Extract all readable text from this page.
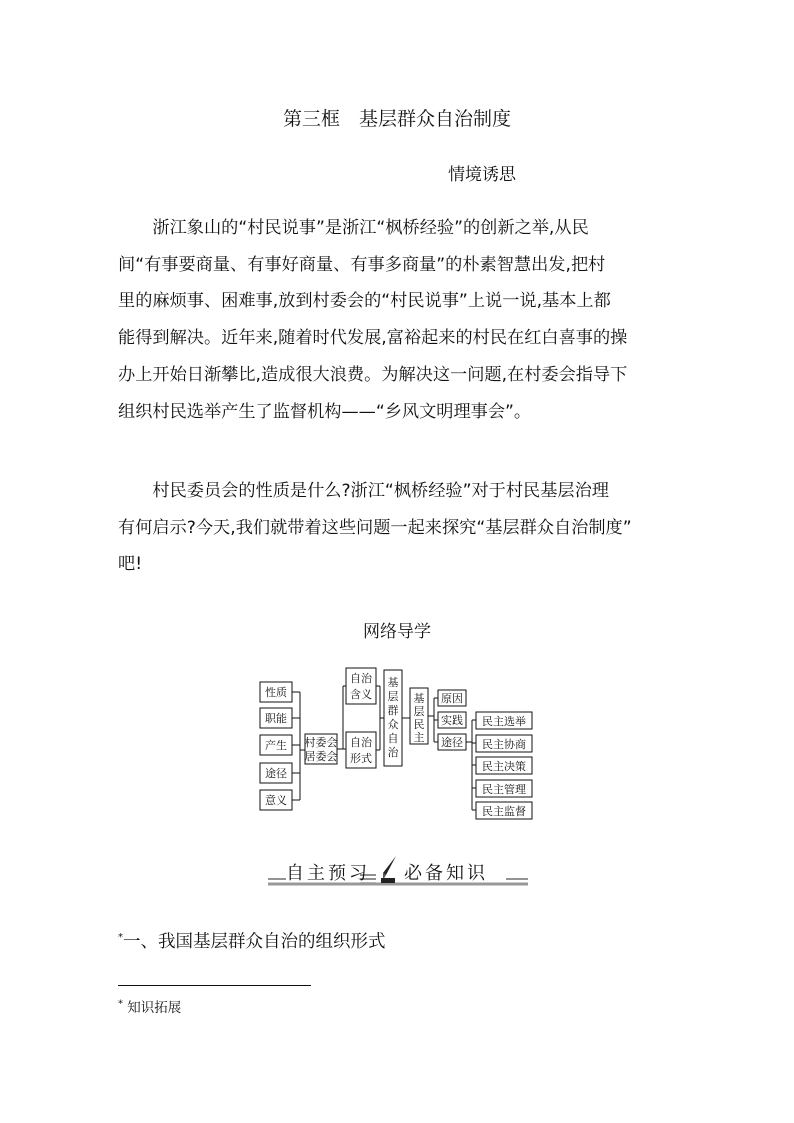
第三框　基层群众自治制度
情境诱思
　　浙江象山的“村民说事”是浙江“枫桥经验”的创新之举,从民
间“有事要商量、有事好商量、有事多商量”的朴素智慧出发,把村
里的麻烦事、困难事,放到村委会的“村民说事”上说一说,基本上都
能得到解决。近年来,随着时代发展,富裕起来的村民在红白喜事的操
办上开始日渐攀比,造成很大浪费。为解决这一问题,在村委会指导下
组织村民选举产生了监督机构——“乡风文明理事会”。
　　村民委员会的性质是什么?浙江“枫桥经验”对于村民基层治理
有何启示?今天,我们就带着这些问题一起来探究“基层群众自治制度”
吧!
网络导学
性质
职能
产生
途径
意义
村委会
居委会
自治
含义
自治
形式
基
层
群
众
自
治
基
层
民
主
原因
实践
途径
民主选举
民主协商
民主决策
民主管理
民主监督
自主预习 必备知识
*一、我国基层群众自治的组织形式
* 知识拓展
